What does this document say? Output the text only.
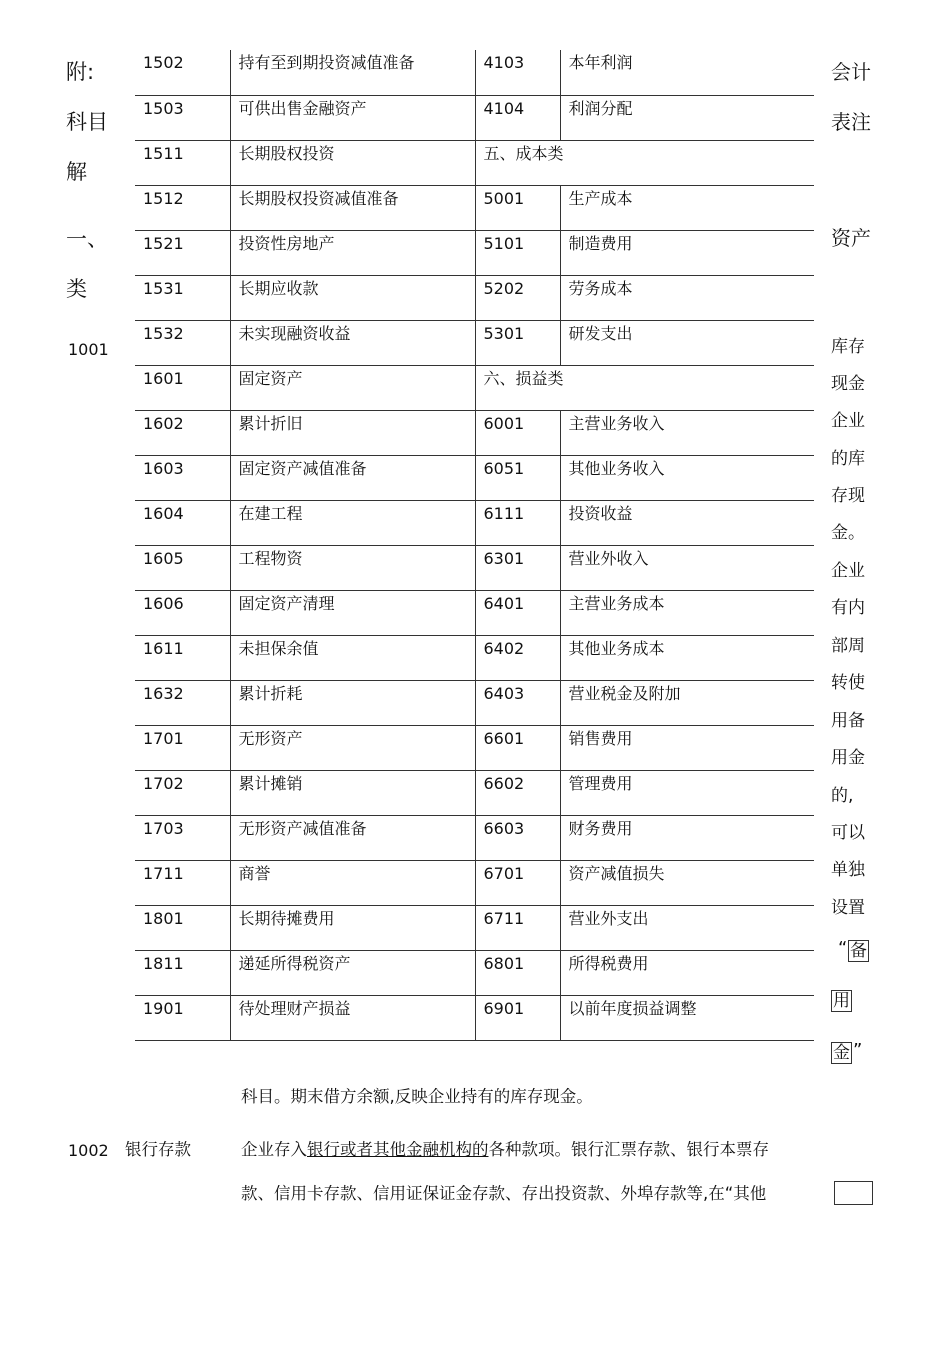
附:
科目
解
一、
类
1001
会计
表注
资产
库存
现金
企业
的库
存现
金。
企业
有内
部周
转使
用备
用金
的,
可以
单独
设置
“ 备
用
金 ”
1502	持有至到期投资减值准备	4103	本年利润
1503	可供出售金融资产	4104	利润分配
1511	长期股权投资	五、成本类	
1512	长期股权投资减值准备	5001	生产成本
1521	投资性房地产	5101	制造费用
1531	长期应收款	5202	劳务成本
1532	未实现融资收益	5301	研发支出
1601	固定资产	六、损益类	
1602	累计折旧	6001	主营业务收入
1603	固定资产减值准备	6051	其他业务收入
1604	在建工程	6111	投资收益
1605	工程物资	6301	营业外收入
1606	固定资产清理	6401	主营业务成本
1611	未担保余值	6402	其他业务成本
1632	累计折耗	6403	营业税金及附加
1701	无形资产	6601	销售费用
1702	累计摊销	6602	管理费用
1703	无形资产减值准备	6603	财务费用
1711	商誉	6701	资产减值损失
1801	长期待摊费用	6711	营业外支出
1811	递延所得税资产	6801	所得税费用
1901	待处理财产损益	6901	以前年度损益调整
科目。期末借方余额,反映企业持有的库存现金。
1002 银行存款	企业存入银行或者其他金融机构的各种款项。银行汇票存款、银行本票存
款、信用卡存款、信用证保证金存款、存出投资款、外埠存款等,在“其他
